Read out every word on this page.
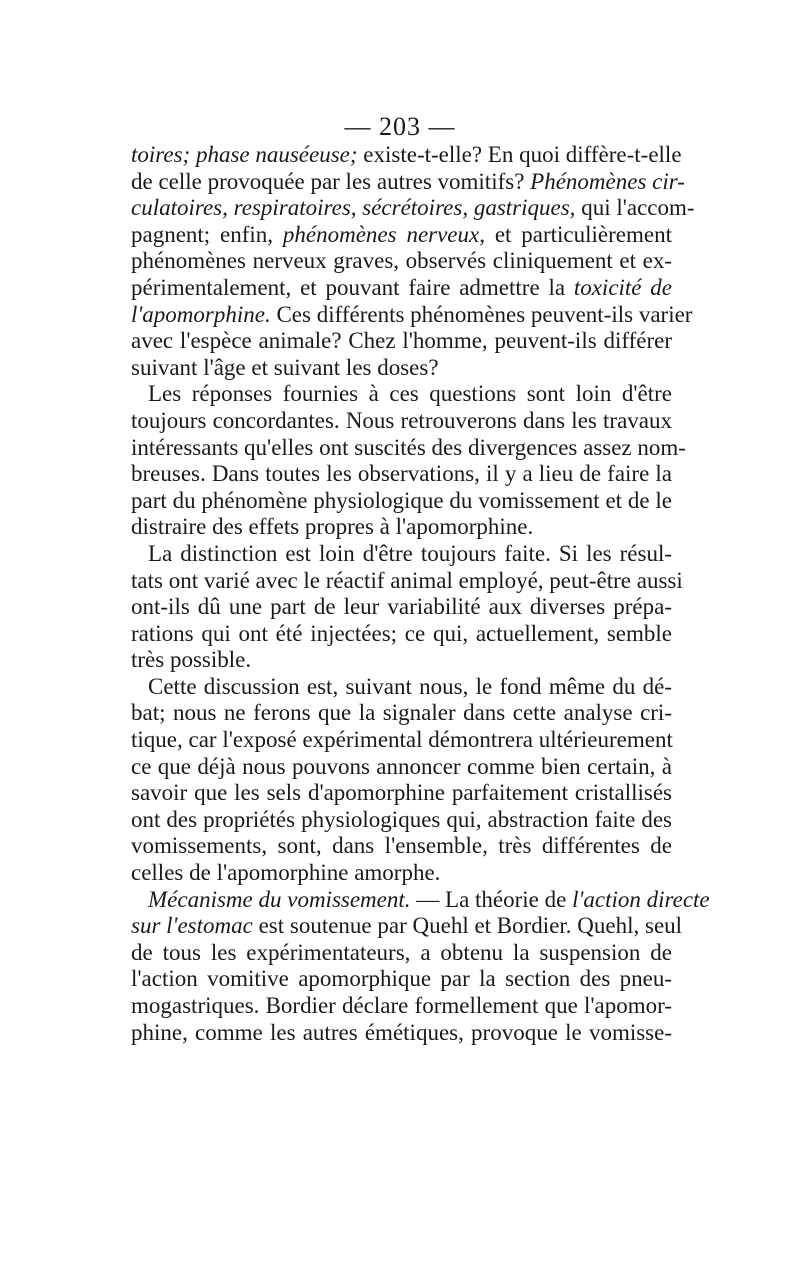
— 203 —
toires; phase nauséeuse; existe-t-elle? En quoi diffère-t-elle
de celle provoquée par les autres vomitifs? Phénomènes cir-
culatoires, respiratoires, sécrétoires, gastriques, qui l'accom-
pagnent; enfin, phénomènes nerveux, et particulièrement
phénomènes nerveux graves, observés cliniquement et ex-
périmentalement, et pouvant faire admettre la toxicité de
l'apomorphine. Ces différents phénomènes peuvent-ils varier
avec l'espèce animale? Chez l'homme, peuvent-ils différer
suivant l'âge et suivant les doses?
Les réponses fournies à ces questions sont loin d'être
toujours concordantes. Nous retrouverons dans les travaux
intéressants qu'elles ont suscités des divergences assez nom-
breuses. Dans toutes les observations, il y a lieu de faire la
part du phénomène physiologique du vomissement et de le
distraire des effets propres à l'apomorphine.
La distinction est loin d'être toujours faite. Si les résul-
tats ont varié avec le réactif animal employé, peut-être aussi
ont-ils dû une part de leur variabilité aux diverses prépa-
rations qui ont été injectées; ce qui, actuellement, semble
très possible.
Cette discussion est, suivant nous, le fond même du dé-
bat; nous ne ferons que la signaler dans cette analyse cri-
tique, car l'exposé expérimental démontrera ultérieurement
ce que déjà nous pouvons annoncer comme bien certain, à
savoir que les sels d'apomorphine parfaitement cristallisés
ont des propriétés physiologiques qui, abstraction faite des
vomissements, sont, dans l'ensemble, très différentes de
celles de l'apomorphine amorphe.
Mécanisme du vomissement. — La théorie de l'action directe
sur l'estomac est soutenue par Quehl et Bordier. Quehl, seul
de tous les expérimentateurs, a obtenu la suspension de
l'action vomitive apomorphique par la section des pneu-
mogastriques. Bordier déclare formellement que l'apomor-
phine, comme les autres émétiques, provoque le vomisse-
